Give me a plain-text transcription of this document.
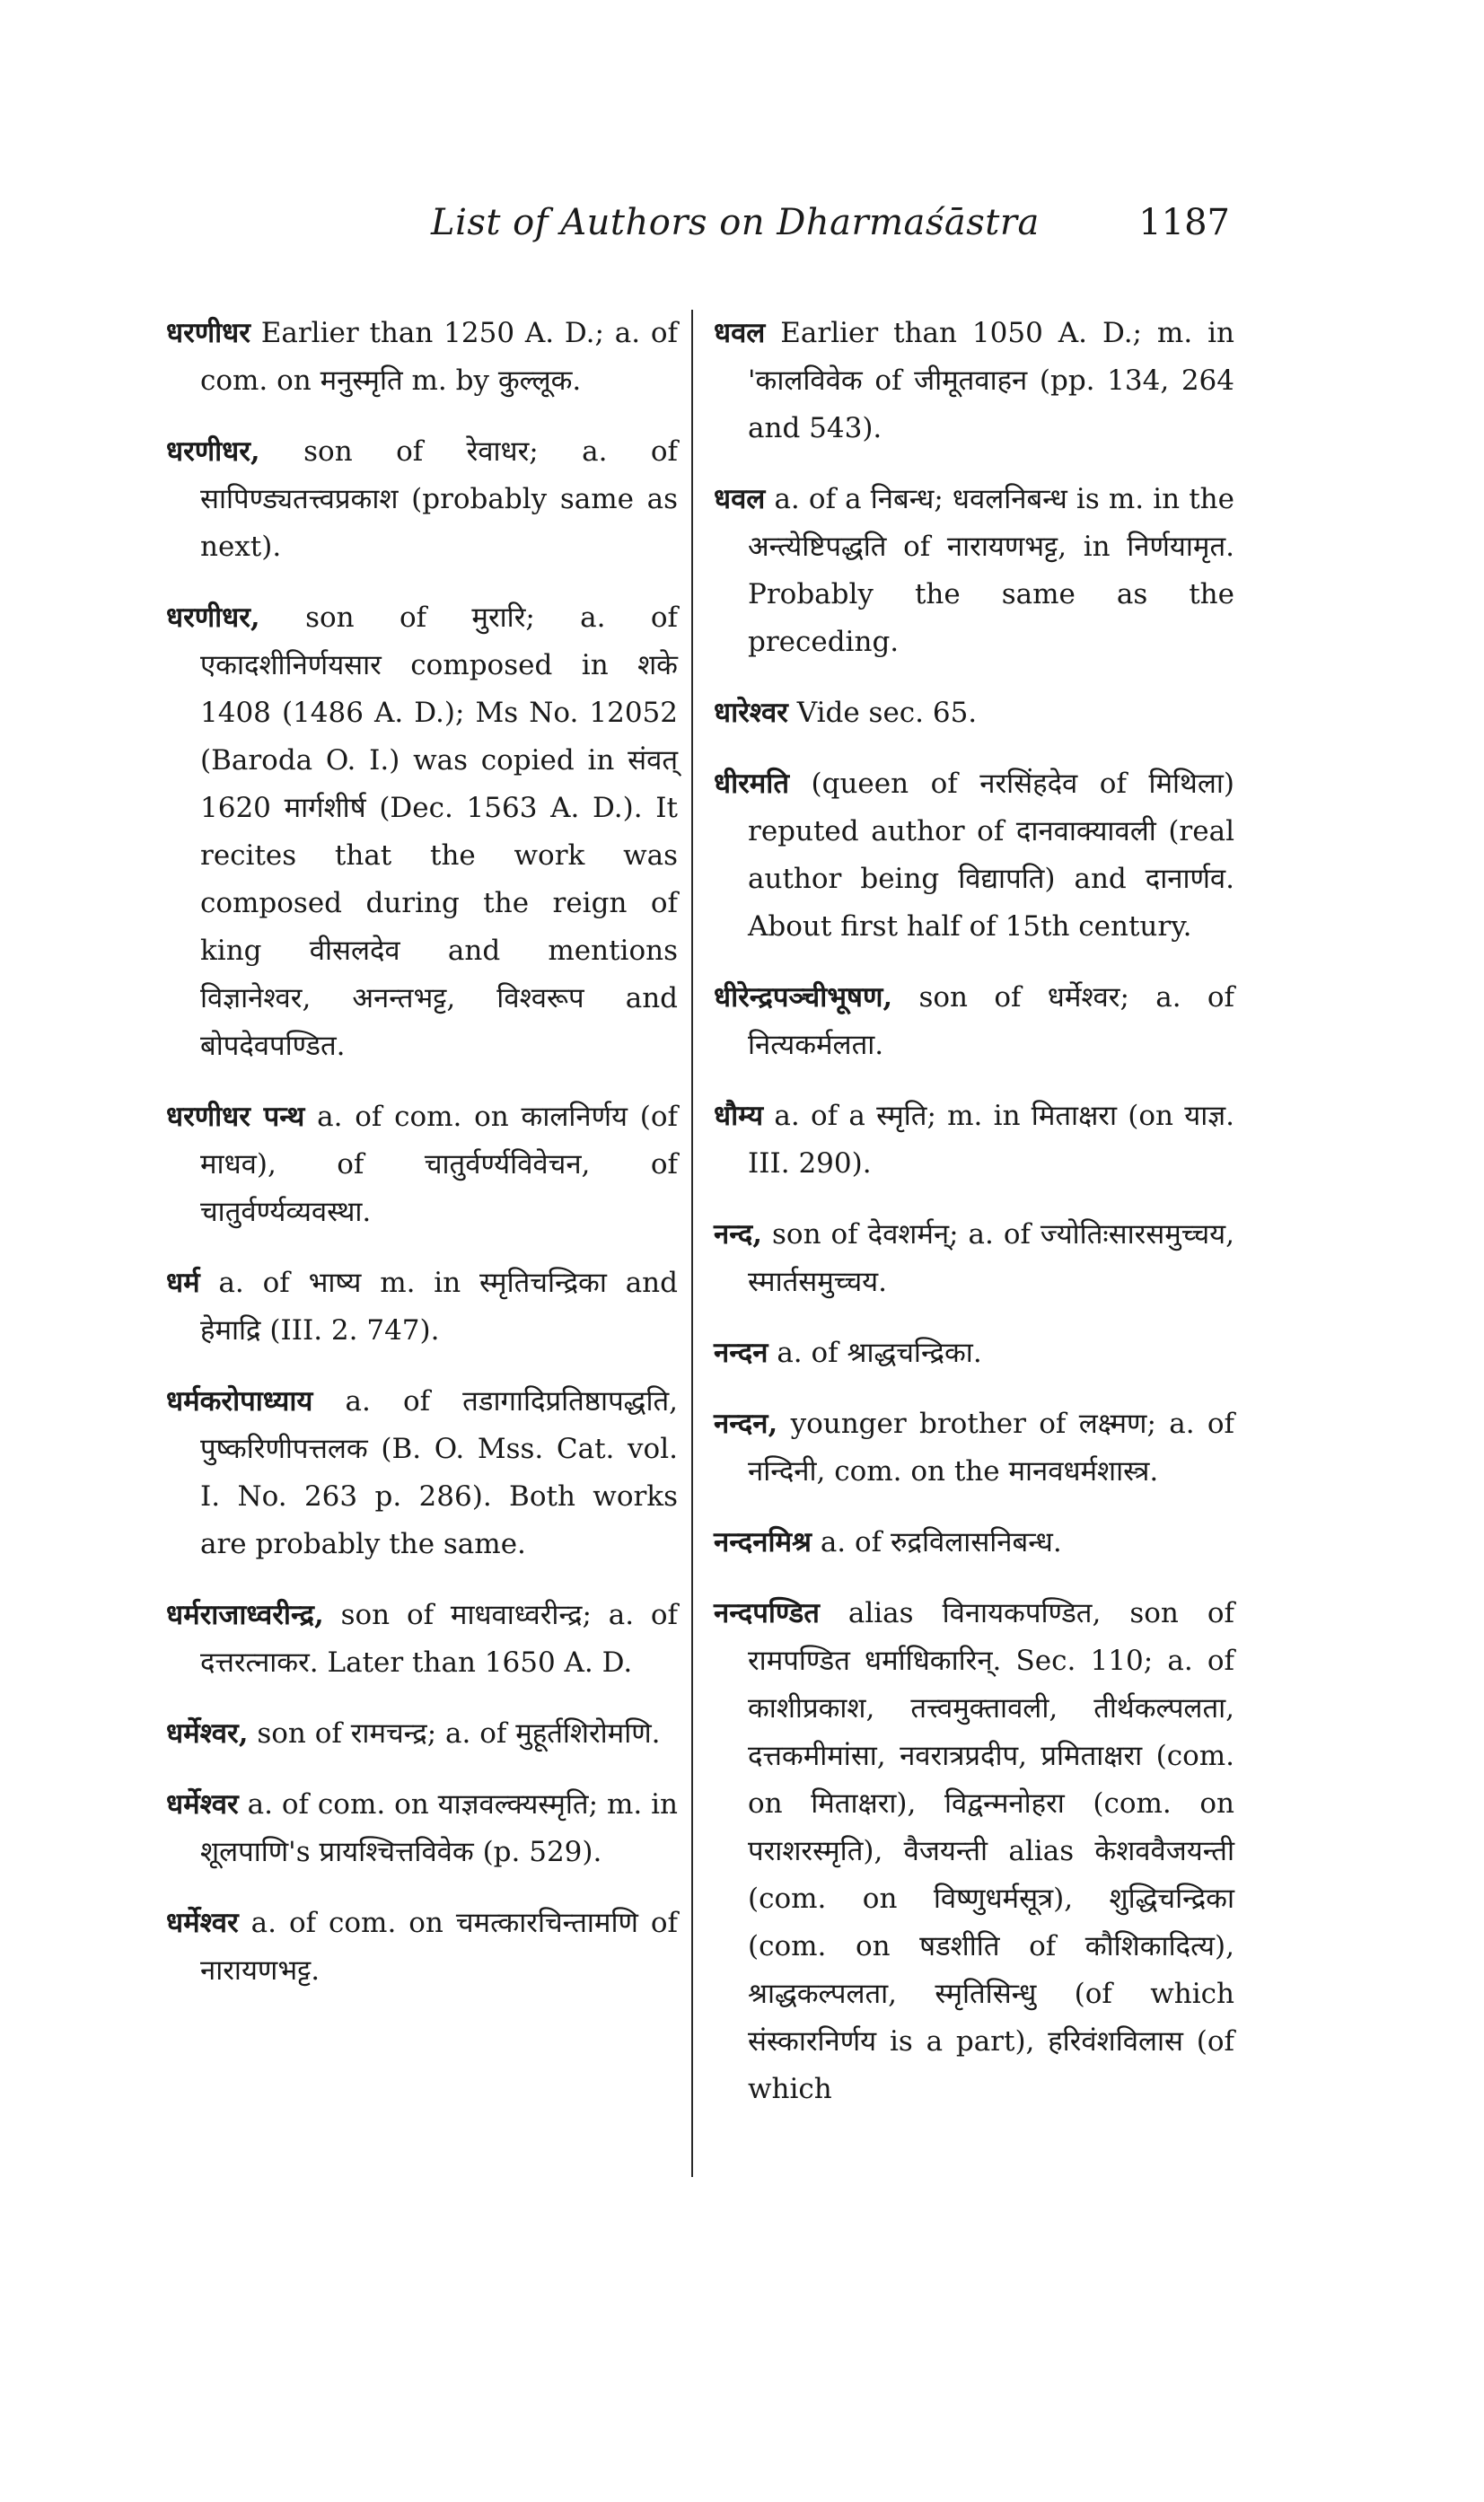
List of Authors on Dharmaśāstra	1187

धरणीधर Earlier than 1250 A. D.; a. of com. on मनुस्मृति m. by कुल्लूक.

धरणीधर, son of रेवाधर; a. of सापिण्ड्यतत्त्वप्रकाश (probably same as next).

धरणीधर, son of मुरारि; a. of एकादशीनिर्णयसार composed in शके 1408 (1486 A. D.); Ms No. 12052 (Baroda O. I.) was copied in संवत् 1620 मार्गशीर्ष (Dec. 1563 A. D.). It recites that the work was composed during the reign of king वीसलदेव and mentions विज्ञानेश्वर, अनन्तभट्ट, विश्वरूप and बोपदेवपण्डित.

धरणीधर पन्थ a. of com. on कालनिर्णय (of माधव), of चातुर्वर्ण्यविवेचन, of चातुर्वर्ण्यव्यवस्था.

धर्म a. of भाष्य m. in स्मृतिचन्द्रिका and हेमाद्रि (III. 2. 747).

धर्मकरोपाध्याय a. of तडागादिप्रतिष्ठापद्धति, पुष्करिणीपत्तलक (B. O. Mss. Cat. vol. I. No. 263 p. 286). Both works are probably the same.

धर्मराजाध्वरीन्द्र, son of माधवाध्वरीन्द्र; a. of दत्तरत्नाकर. Later than 1650 A. D.

धर्मेश्वर, son of रामचन्द्र; a. of मुहूर्तशिरोमणि.

धर्मेश्वर a. of com. on याज्ञवल्क्यस्मृति; m. in शूलपाणि's प्रायश्चित्तविवेक (p. 529).

धर्मेश्वर a. of com. on चमत्कारचिन्तामणि of नारायणभट्ट.

धवल Earlier than 1050 A. D.; m. in 'कालविवेक of जीमूतवाहन (pp. 134, 264 and 543).

धवल a. of a निबन्ध; धवलनिबन्ध is m. in the अन्त्येष्टिपद्धति of नारायणभट्ट, in निर्णयामृत. Probably the same as the preceding.

धारेश्वर Vide sec. 65.

धीरमति (queen of नरसिंहदेव of मिथिला) reputed author of दानवाक्यावली (real author being विद्यापति) and दानार्णव. About first half of 15th century.

धीरेन्द्रपञ्चीभूषण, son of धर्मेश्वर; a. of नित्यकर्मलता.

धौम्य a. of a स्मृति; m. in मिताक्षरा (on याज्ञ. III. 290).

नन्द, son of देवशर्मन्; a. of ज्योतिःसारसमुच्चय, स्मार्तसमुच्चय.

नन्दन a. of श्राद्धचन्द्रिका.

नन्दन, younger brother of लक्ष्मण; a. of नन्दिनी, com. on the मानवधर्मशास्त्र.

नन्दनमिश्र a. of रुद्रविलासनिबन्ध.

नन्दपण्डित alias विनायकपण्डित, son of रामपण्डित धर्माधिकारिन्. Sec. 110; a. of काशीप्रकाश, तत्त्वमुक्तावली, तीर्थकल्पलता, दत्तकमीमांसा, नवरात्रप्रदीप, प्रमिताक्षरा (com. on मिताक्षरा), विद्वन्मनोहरा (com. on पराशरस्मृति), वैजयन्ती alias केशववैजयन्ती (com. on विष्णुधर्मसूत्र), शुद्धिचन्द्रिका (com. on षडशीति of कौशिकादित्य), श्राद्धकल्पलता, स्मृतिसिन्धु (of which संस्कारनिर्णय is a part), हरिवंशविलास (of which
